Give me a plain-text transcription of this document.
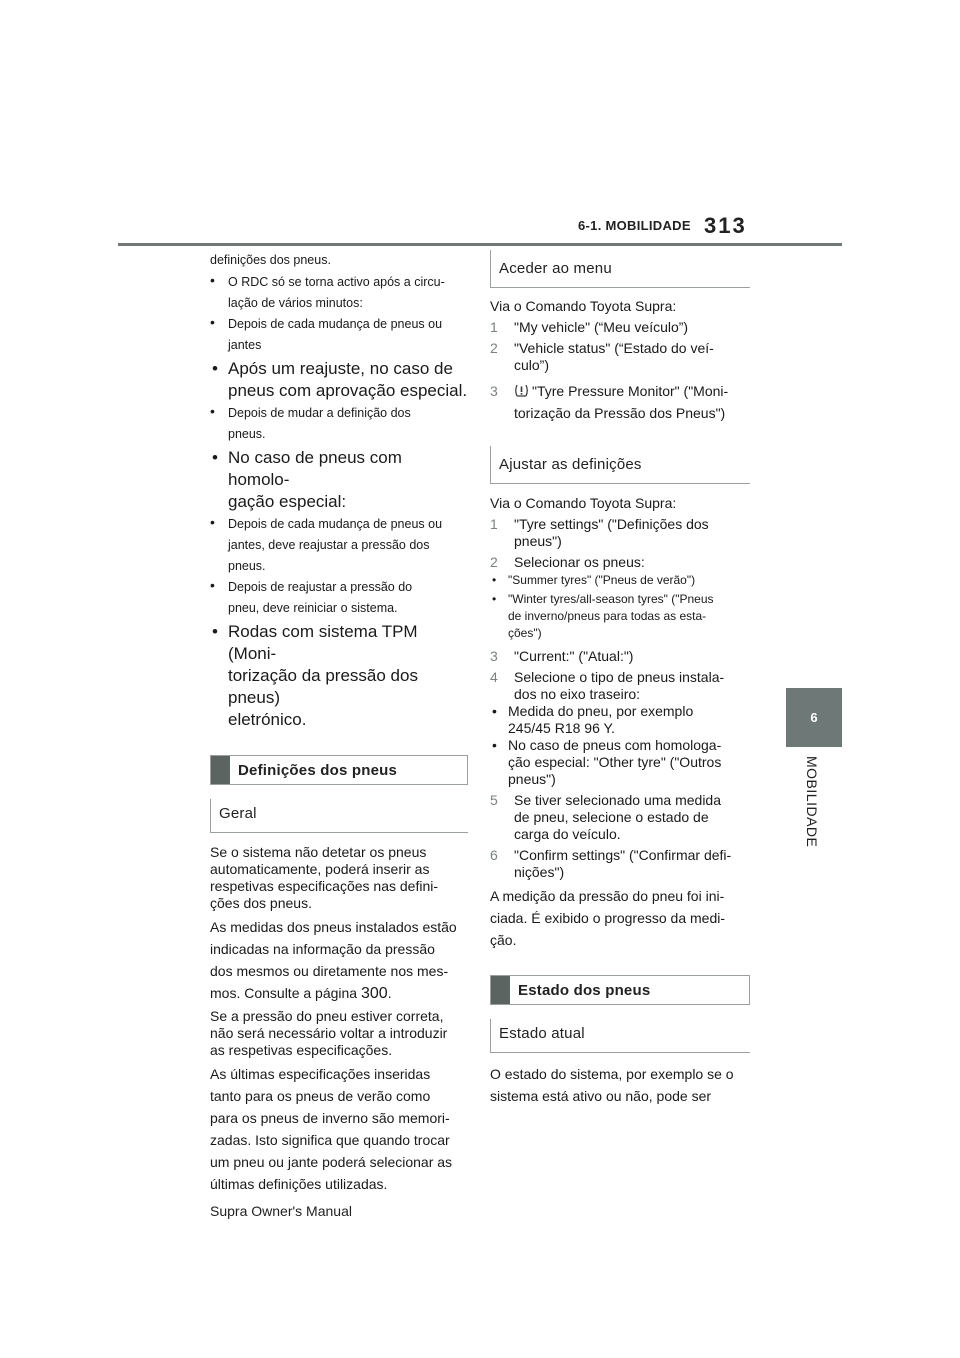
6-1. MOBILIDADE 313
6
MOBILIDADE
definições dos pneus.
• O RDC só se torna activo após a circu-
lação de vários minutos:
• Depois de cada mudança de pneus ou
jantes
• Após um reajuste, no caso de
pneus com aprovação especial.
• Depois de mudar a definição dos
pneus.
• No caso de pneus com homolo-
gação especial:
• Depois de cada mudança de pneus ou
jantes, deve reajustar a pressão dos
pneus.
• Depois de reajustar a pressão do
pneu, deve reiniciar o sistema.
• Rodas com sistema TPM (Moni-
torização da pressão dos pneus)
eletrónico.
Definições dos pneus
Geral
Se o sistema não detetar os pneus
automaticamente, poderá inserir as
respetivas especificações nas defini-
ções dos pneus.
As medidas dos pneus instalados estão
indicadas na informação da pressão
dos mesmos ou diretamente nos mes-
mos. Consulte a página 300.
Se a pressão do pneu estiver correta,
não será necessário voltar a introduzir
as respetivas especificações.
As últimas especificações inseridas
tanto para os pneus de verão como
para os pneus de inverno são memori-
zadas. Isto significa que quando trocar
um pneu ou jante poderá selecionar as
últimas definições utilizadas.
Aceder ao menu
Via o Comando Toyota Supra:
1 "My vehicle" (“Meu veículo”)
2 "Vehicle status" (“Estado do veí-
culo”)
3	"Tyre Pressure Monitor" ("Moni-
torização da Pressão dos Pneus")
Ajustar as definições
Via o Comando Toyota Supra:
1 "Tyre settings" ("Definições dos
pneus")
2 Selecionar os pneus:
• "Summer tyres" ("Pneus de verão")
• "Winter tyres/all-season tyres" ("Pneus
de inverno/pneus para todas as esta-
ções")
3 "Current:" ("Atual:")
4 Selecione o tipo de pneus instala-
dos no eixo traseiro:
• Medida do pneu, por exemplo
245/45 R18 96 Y.
• No caso de pneus com homologa-
ção especial: "Other tyre" ("Outros
pneus")
5 Se tiver selecionado uma medida
de pneu, selecione o estado de
carga do veículo.
6 "Confirm settings" ("Confirmar defi-
nições")
A medição da pressão do pneu foi ini-
ciada. É exibido o progresso da medi-
ção.
Estado dos pneus
Estado atual
O estado do sistema, por exemplo se o
sistema está ativo ou não, pode ser
Supra Owner's Manual
